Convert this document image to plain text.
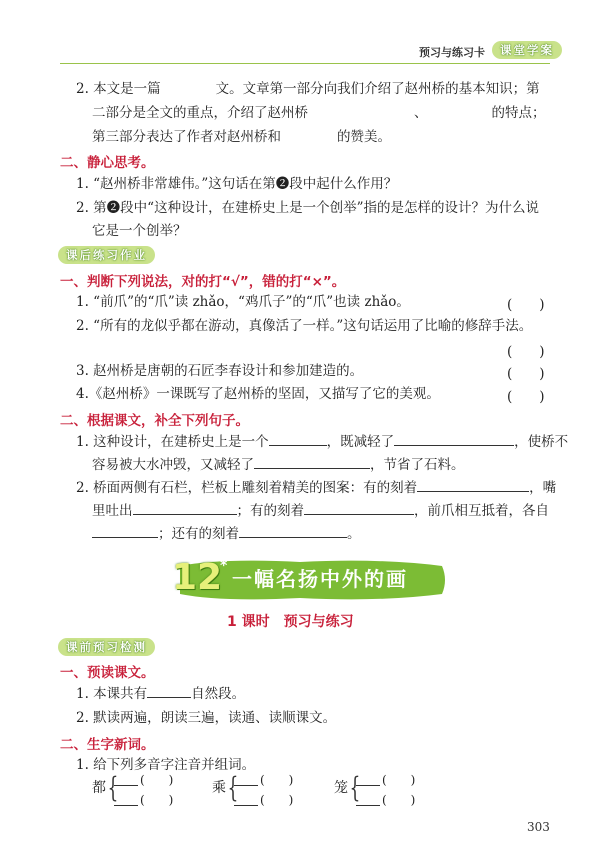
预习与练习卡	课堂学案
2. 本文是一篇	文。文章第一部分向我们介绍了赵州桥的基本知识；第
二部分是全文的重点，介绍了赵州桥	、	的特点；
第三部分表达了作者对赵州桥和	的赞美。
二、静心思考。
1. “赵州桥非常雄伟。”这句话在第❷段中起什么作用？
2. 第❷段中“这种设计，在建桥史上是一个创举”指的是怎样的设计？为什么说
它是一个创举？
课后练习作业
一、判断下列说法，对的打“√”，错的打“×”。
1. “前爪”的“爪”读 zhǎo，“鸡爪子”的“爪”也读 zhǎo。	(　　)
2. “所有的龙似乎都在游动，真像活了一样。”这句话运用了比喻的修辞手法。
(　　)
3. 赵州桥是唐朝的石匠李春设计和参加建造的。	(　　)
4.《赵州桥》一课既写了赵州桥的坚固，又描写了它的美观。	(　　)
二、根据课文，补全下列句子。
1. 这种设计，在建桥史上是一个	，既减轻了	，使桥不
容易被大水冲毁，又减轻了	，节省了石料。
2. 桥面两侧有石栏，栏板上雕刻着精美的图案：有的刻着	，嘴
里吐出	；有的刻着	，前爪相互抵着，各自
；还有的刻着	。
12
*
一幅名扬中外的画
1 课时　预习与练习
课前预习检测
一、预读课文。
1. 本课共有	自然段。
2. 默读两遍，朗读三遍，读通、读顺课文。
二、生字新词。
1. 给下列多音字注音并组词。
都 { (　　)
(　　)
乘 { (　　)
(　　)
笼 { (　　)
(　　)
303
